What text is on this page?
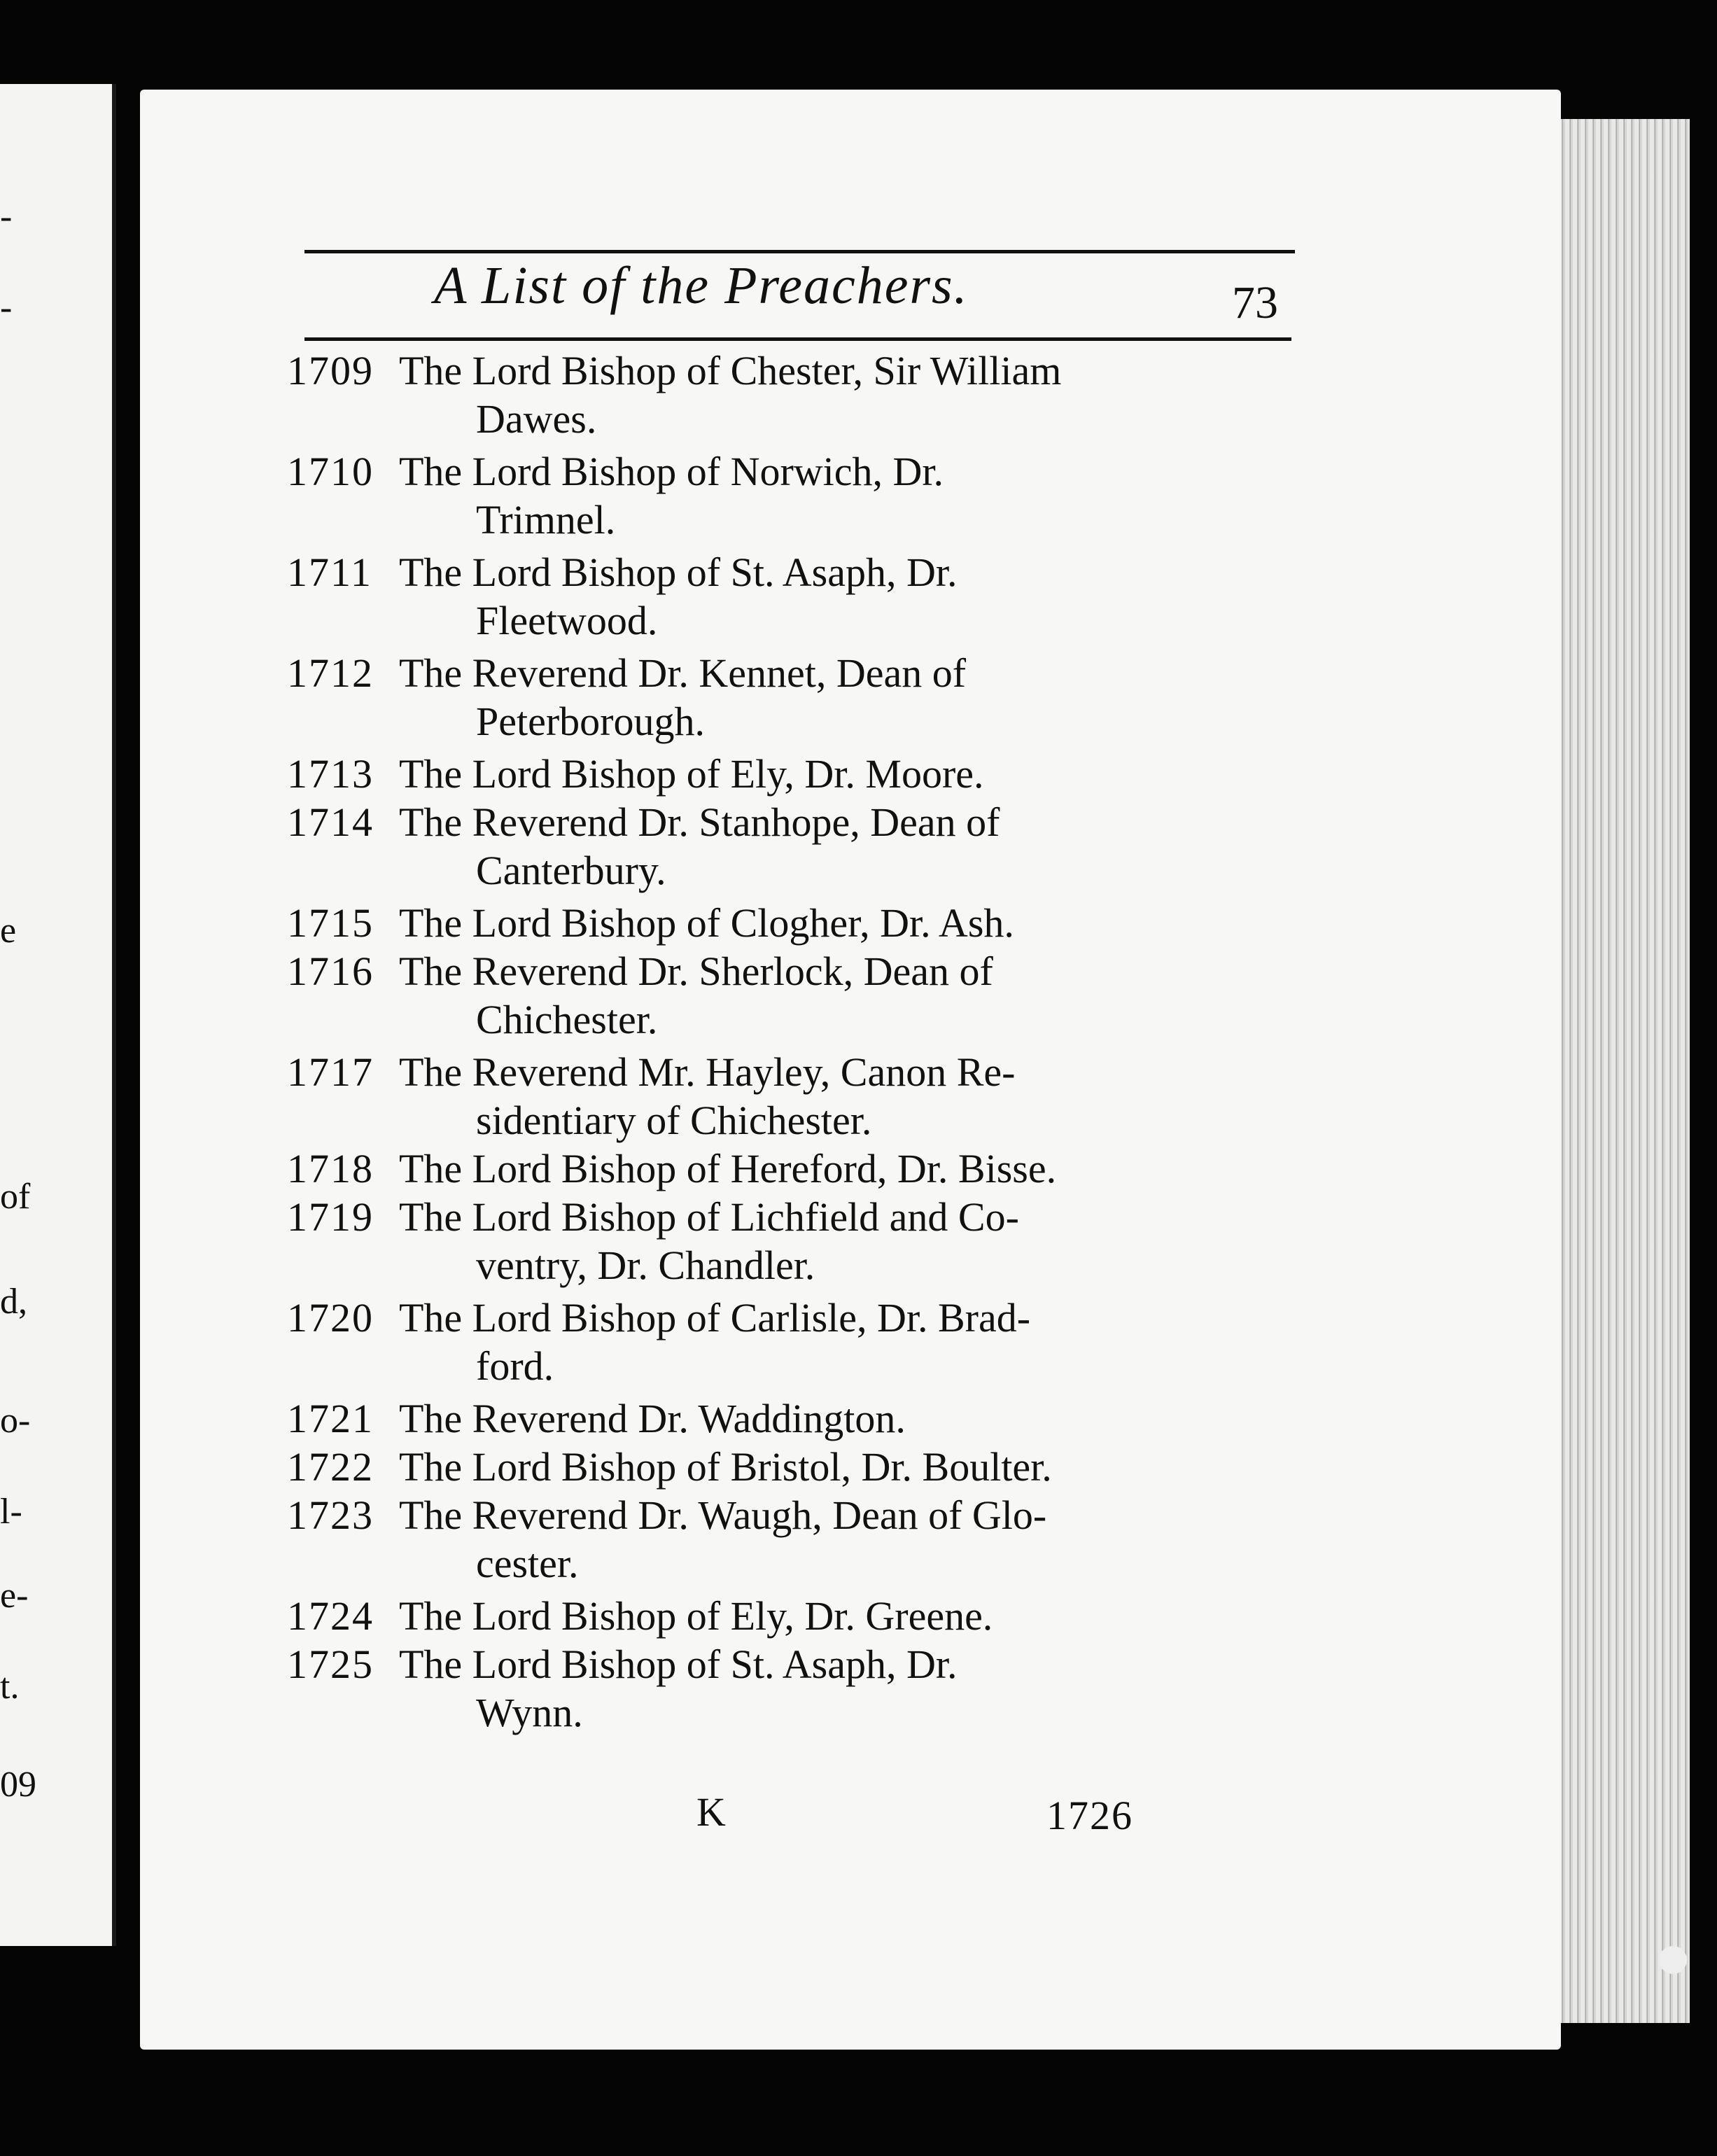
-
-
e
of
d,
o-
l-
e-
t.
09
A List of the Preachers.	73

1709 The Lord Bishop of Chester, Sir William
Dawes.

1710 The Lord Bishop of Norwich, Dr.
Trimnel.

1711 The Lord Bishop of St. Asaph, Dr.
Fleetwood.

1712 The Reverend Dr. Kennet, Dean of
Peterborough.

1713 The Lord Bishop of Ely, Dr. Moore.

1714 The Reverend Dr. Stanhope, Dean of
Canterbury.

1715 The Lord Bishop of Clogher, Dr. Ash.

1716 The Reverend Dr. Sherlock, Dean of
Chichester.

1717 The Reverend Mr. Hayley, Canon Re-
sidentiary of Chichester.

1718 The Lord Bishop of Hereford, Dr. Bisse.

1719 The Lord Bishop of Lichfield and Co-
ventry, Dr. Chandler.

1720 The Lord Bishop of Carlisle, Dr. Brad-
ford.

1721 The Reverend Dr. Waddington.

1722 The Lord Bishop of Bristol, Dr. Boulter.

1723 The Reverend Dr. Waugh, Dean of Glo-
cester.

1724 The Lord Bishop of Ely, Dr. Greene.

1725 The Lord Bishop of St. Asaph, Dr.
Wynn.

K	1726
